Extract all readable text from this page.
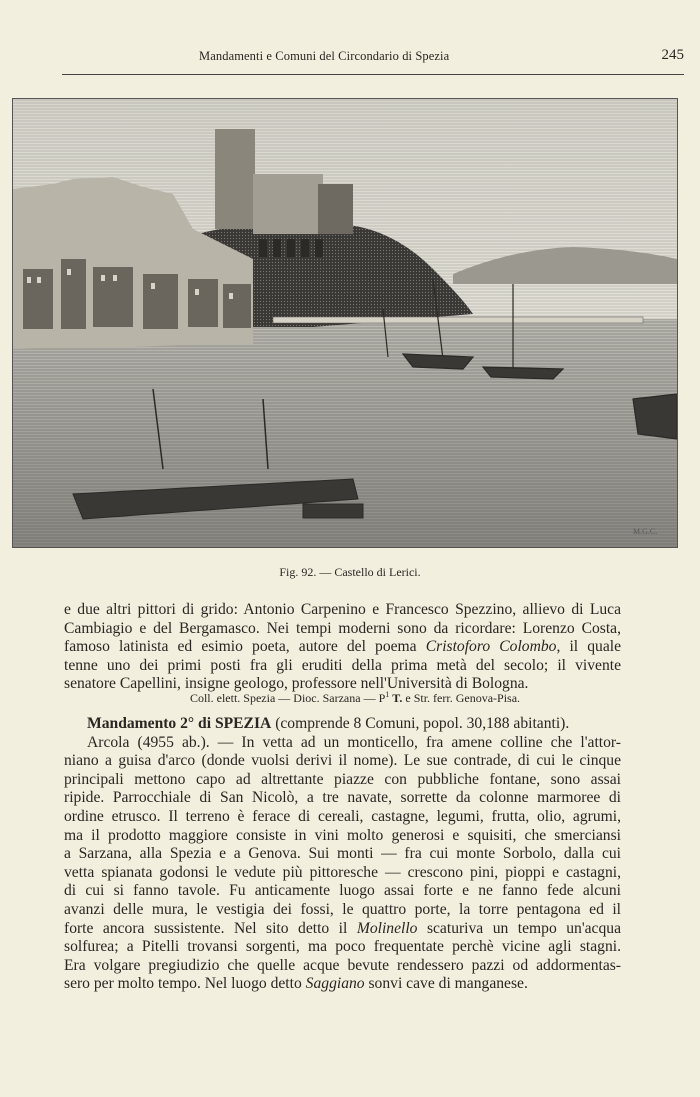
Mandamenti e Comuni del Circondario di Spezia	245
M.G.C.
Fig. 92. — Castello di Lerici.
e due altri pittori di grido: Antonio Carpenino e Francesco Spezzino, allievo di Luca
Cambiagio e del Bergamasco. Nei tempi moderni sono da ricordare: Lorenzo Costa,
famoso latinista ed esimio poeta, autore del poema Cristoforo Colombo, il quale
tenne uno dei primi posti fra gli eruditi della prima metà del secolo; il vivente
senatore Capellini, insigne geologo, professore nell'Università di Bologna.
Coll. elett. Spezia — Dioc. Sarzana — $P^1$ T. e Str. ferr. Genova-Pisa.
Mandamento 2° di SPEZIA (comprende 8 Comuni, popol. 30,188 abitanti).
Arcola (4955 ab.). — In vetta ad un monticello, fra amene colline che l'attor-
niano a guisa d'arco (donde vuolsi derivi il nome). Le sue contrade, di cui le cinque
principali mettono capo ad altrettante piazze con pubbliche fontane, sono assai
ripide. Parrocchiale di San Nicolò, a tre navate, sorrette da colonne marmoree di
ordine etrusco. Il terreno è ferace di cereali, castagne, legumi, frutta, olio, agrumi,
ma il prodotto maggiore consiste in vini molto generosi e squisiti, che smerciansi
a Sarzana, alla Spezia e a Genova. Sui monti — fra cui monte Sorbolo, dalla cui
vetta spianata godonsi le vedute più pittoresche — crescono pini, pioppi e castagni,
di cui si fanno tavole. Fu anticamente luogo assai forte e ne fanno fede alcuni
avanzi delle mura, le vestigia dei fossi, le quattro porte, la torre pentagona ed il
forte ancora sussistente. Nel sito detto il Molinello scaturiva un tempo un'acqua
solfurea; a Pitelli trovansi sorgenti, ma poco frequentate perchè vicine agli stagni.
Era volgare pregiudizio che quelle acque bevute rendessero pazzi od addormentas-
sero per molto tempo. Nel luogo detto Saggiano sonvi cave di manganese.
